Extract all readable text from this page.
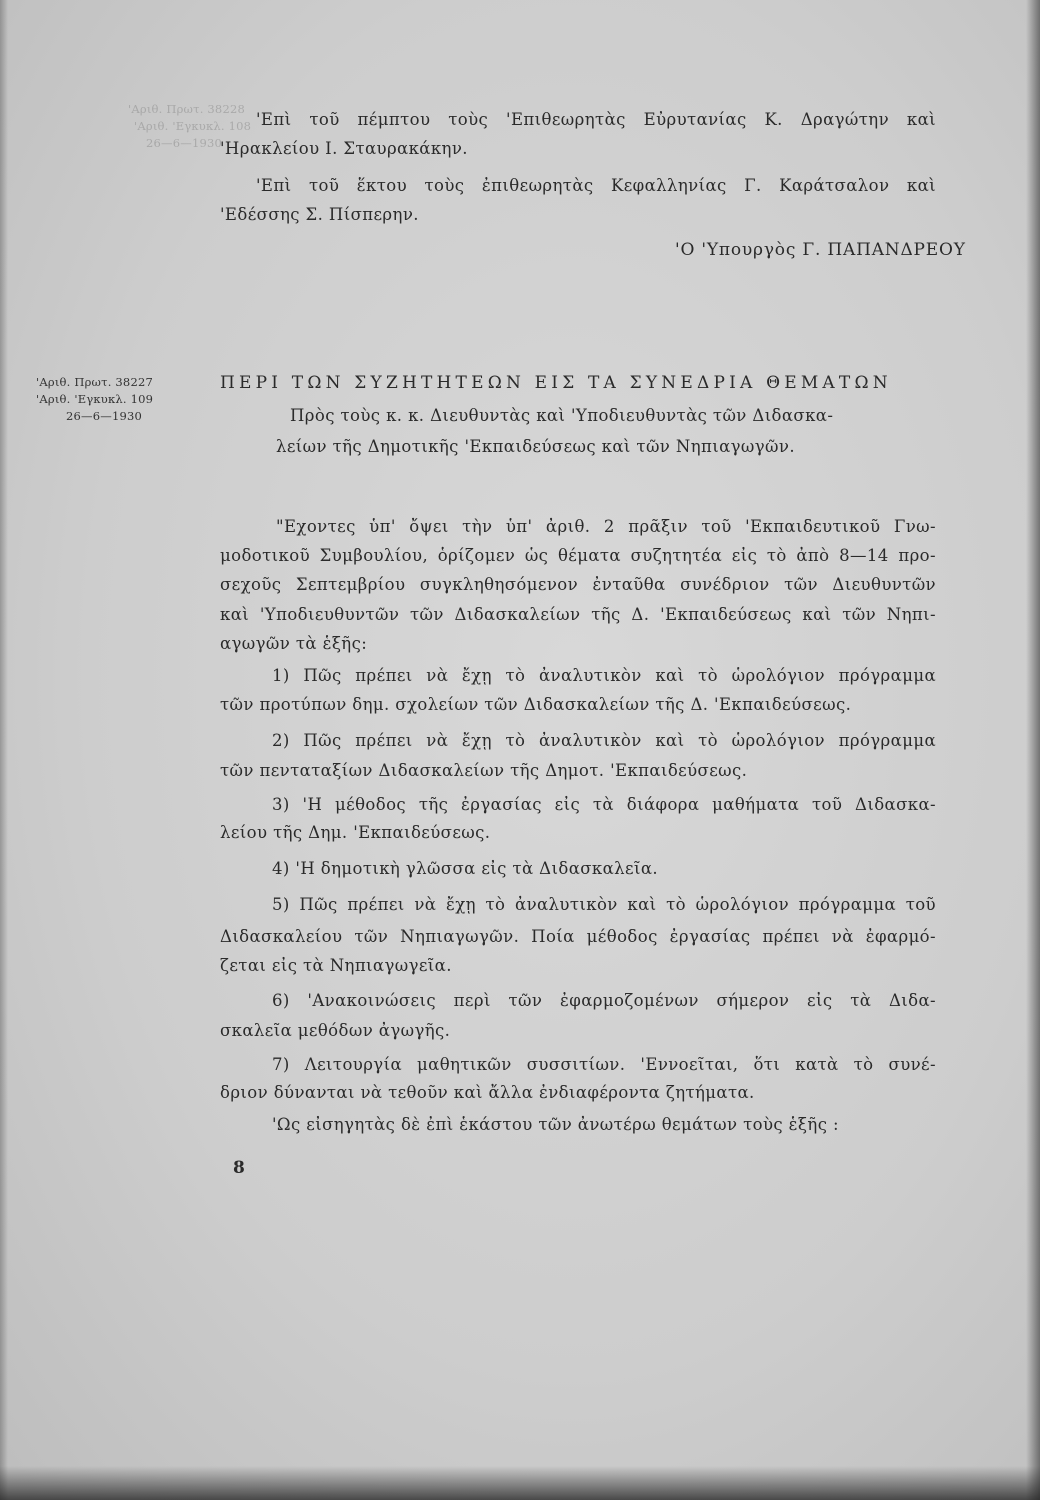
'Αριθ. Πρωτ. 38228
'Αριθ. 'Εγκυκλ. 108
26—6—1930

'Επὶ τοῦ πέμπτου τοὺς 'Επιθεωρητὰς Εὐρυτανίας Κ. Δραγώτην καὶ

'Ηρακλείου Ι. Σταυρακάκην.

'Επὶ τοῦ ἕκτου τοὺς ἐπιθεωρητὰς Κεφαλληνίας Γ. Καράτσαλον καὶ

'Εδέσσης Σ. Πίσπερην.

'Ο 'Υπουργὸς Γ. ΠΑΠΑΝΔΡΕΟΥ
'Αριθ. Πρωτ. 38227
'Αριθ. 'Εγκυκλ. 109
26—6—1930
ΠΕΡΙ ΤΩΝ ΣΥΖΗΤΗΤΕΩΝ ΕΙΣ ΤΑ ΣΥΝΕΔΡΙΑ ΘΕΜΑΤΩΝ

Πρὸς τοὺς κ. κ. Διευθυντὰς καὶ 'Υποδιευθυντὰς τῶν Διδασκα-

λείων τῆς Δημοτικῆς 'Εκπαιδεύσεως καὶ τῶν Νηπιαγωγῶν.

"Εχοντες ὑπ' ὄψει τὴν ὑπ' ἀριθ. 2 πρᾶξιν τοῦ 'Εκπαιδευτικοῦ Γνω-

μοδοτικοῦ Συμβουλίου, ὁρίζομεν ὡς θέματα συζητητέα εἰς τὸ ἀπὸ 8—14 προ-

σεχοῦς Σεπτεμβρίου συγκληθησόμενον ἐνταῦθα συνέδριον τῶν Διευθυντῶν

καὶ 'Υποδιευθυντῶν τῶν Διδασκαλείων τῆς Δ. 'Εκπαιδεύσεως καὶ τῶν Νηπι-

αγωγῶν τὰ ἑξῆς:

1) Πῶς πρέπει νὰ ἔχῃ τὸ ἀναλυτικὸν καὶ τὸ ὡρολόγιον πρόγραμμα

τῶν προτύπων δημ. σχολείων τῶν Διδασκαλείων τῆς Δ. 'Εκπαιδεύσεως.

2) Πῶς πρέπει νὰ ἔχῃ τὸ ἀναλυτικὸν καὶ τὸ ὡρολόγιον πρόγραμμα

τῶν πενταταξίων Διδασκαλείων τῆς Δημοτ. 'Εκπαιδεύσεως.

3) 'Η μέθοδος τῆς ἐργασίας εἰς τὰ διάφορα μαθήματα τοῦ Διδασκα-

λείου τῆς Δημ. 'Εκπαιδεύσεως.

4) 'Η δημοτικὴ γλῶσσα εἰς τὰ Διδασκαλεῖα.

5) Πῶς πρέπει νὰ ἔχῃ τὸ ἀναλυτικὸν καὶ τὸ ὡρολόγιον πρόγραμμα τοῦ

Διδασκαλείου τῶν Νηπιαγωγῶν. Ποία μέθοδος ἐργασίας πρέπει νὰ ἐφαρμό-

ζεται εἰς τὰ Νηπιαγωγεῖα.

6) 'Ανακοινώσεις περὶ τῶν ἐφαρμοζομένων σήμερον εἰς τὰ Διδα-

σκαλεῖα μεθόδων ἀγωγῆς.

7) Λειτουργία μαθητικῶν συσσιτίων. 'Εννοεῖται, ὅτι κατὰ τὸ συνέ-

δριον δύνανται νὰ τεθοῦν καὶ ἄλλα ἐνδιαφέροντα ζητήματα.

'Ως εἰσηγητὰς δὲ ἐπὶ ἑκάστου τῶν ἀνωτέρω θεμάτων τοὺς ἑξῆς :

8
